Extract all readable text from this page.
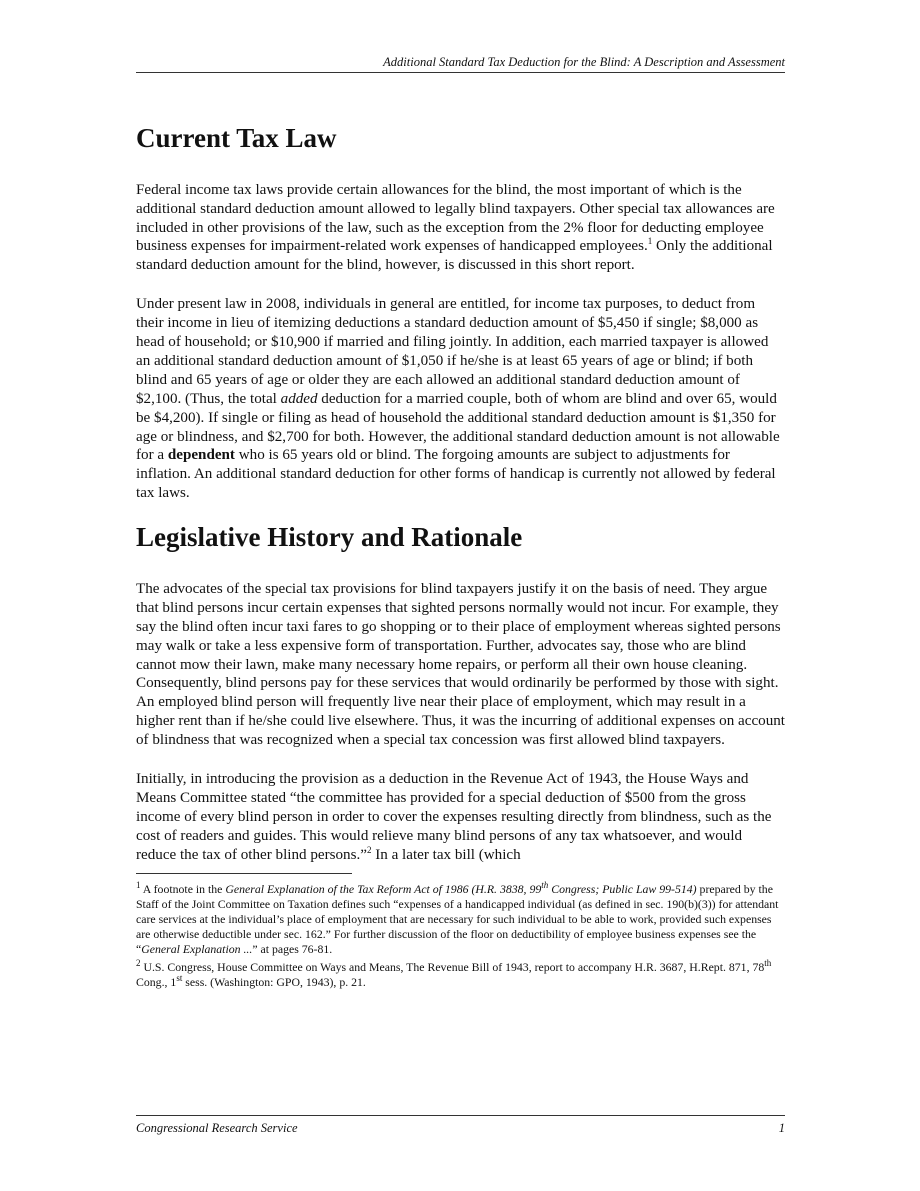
Additional Standard Tax Deduction for the Blind: A Description and Assessment
Current Tax Law

Federal income tax laws provide certain allowances for the blind, the most important of which is the additional standard deduction amount allowed to legally blind taxpayers. Other special tax allowances are included in other provisions of the law, such as the exception from the 2% floor for deducting employee business expenses for impairment-related work expenses of handicapped employees.$^1$ Only the additional standard deduction amount for the blind, however, is discussed in this short report.

Under present law in 2008, individuals in general are entitled, for income tax purposes, to deduct from their income in lieu of itemizing deductions a standard deduction amount of $5,450 if single; $8,000 as head of household; or $10,900 if married and filing jointly. In addition, each married taxpayer is allowed an additional standard deduction amount of $1,050 if he/she is at least 65 years of age or blind; if both blind and 65 years of age or older they are each allowed an additional standard deduction amount of $2,100. (Thus, the total added deduction for a married couple, both of whom are blind and over 65, would be $4,200). If single or filing as head of household the additional standard deduction amount is $1,350 for age or blindness, and $2,700 for both. However, the additional standard deduction amount is not allowable for a dependent who is 65 years old or blind. The forgoing amounts are subject to adjustments for inflation. An additional standard deduction for other forms of handicap is currently not allowed by federal tax laws.

Legislative History and Rationale

The advocates of the special tax provisions for blind taxpayers justify it on the basis of need. They argue that blind persons incur certain expenses that sighted persons normally would not incur. For example, they say the blind often incur taxi fares to go shopping or to their place of employment whereas sighted persons may walk or take a less expensive form of transportation. Further, advocates say, those who are blind cannot mow their lawn, make many necessary home repairs, or perform all their own house cleaning. Consequently, blind persons pay for these services that would ordinarily be performed by those with sight. An employed blind person will frequently live near their place of employment, which may result in a higher rent than if he/she could live elsewhere. Thus, it was the incurring of additional expenses on account of blindness that was recognized when a special tax concession was first allowed blind taxpayers.

Initially, in introducing the provision as a deduction in the Revenue Act of 1943, the House Ways and Means Committee stated “the committee has provided for a special deduction of $500 from the gross income of every blind person in order to cover the expenses resulting directly from blindness, such as the cost of readers and guides. This would relieve many blind persons of any tax whatsoever, and would reduce the tax of other blind persons.”$^2$ In a later tax bill (which

$^1$ A footnote in the General Explanation of the Tax Reform Act of 1986 (H.R. 3838, 99th Congress; Public Law 99-514) prepared by the Staff of the Joint Committee on Taxation defines such “expenses of a handicapped individual (as defined in sec. 190(b)(3)) for attendant care services at the individual’s place of employment that are necessary for such individual to be able to work, provided such expenses are otherwise deductible under sec. 162.” For further discussion of the floor on deductibility of employee business expenses see the “General Explanation ...” at pages 76-81.

$^2$ U.S. Congress, House Committee on Ways and Means, The Revenue Bill of 1943, report to accompany H.R. 3687, H.Rept. 871, 78th Cong., 1st sess. (Washington: GPO, 1943), p. 21.

Congressional Research Service	1
